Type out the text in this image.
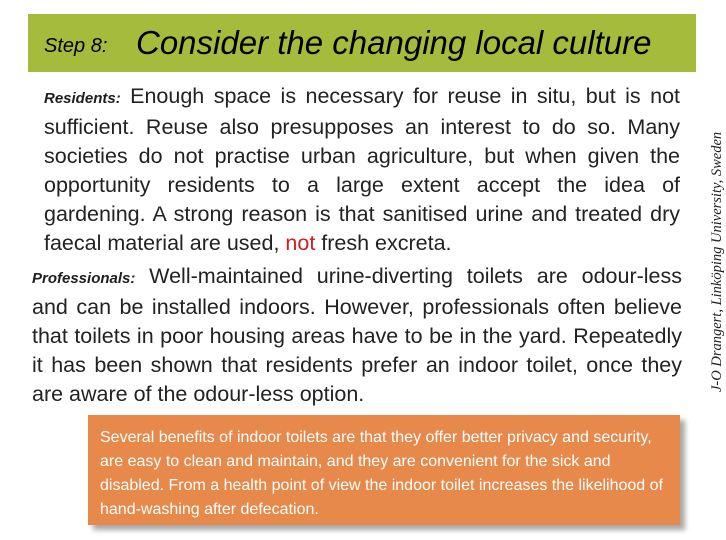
Step 8: Consider the changing local culture

Residents: Enough space is necessary for reuse in situ, but is not sufficient. Reuse also presupposes an interest to do so. Many societies do not practise urban agriculture, but when given the opportunity residents to a large extent accept the idea of gardening. A strong reason is that sanitised urine and treated dry faecal material are used, not fresh excreta.

Professionals: Well-maintained urine-diverting toilets are odour-less and can be installed indoors. However, professionals often believe that toilets in poor housing areas have to be in the yard. Repeatedly it has been shown that residents prefer an indoor toilet, once they are aware of the odour-less option.

Several benefits of indoor toilets are that they offer better privacy and security, are easy to clean and maintain, and they are convenient for the sick and disabled. From a health point of view the indoor toilet increases the likelihood of hand-washing after defecation.

J-O Drangert, Linköping University, Sweden
